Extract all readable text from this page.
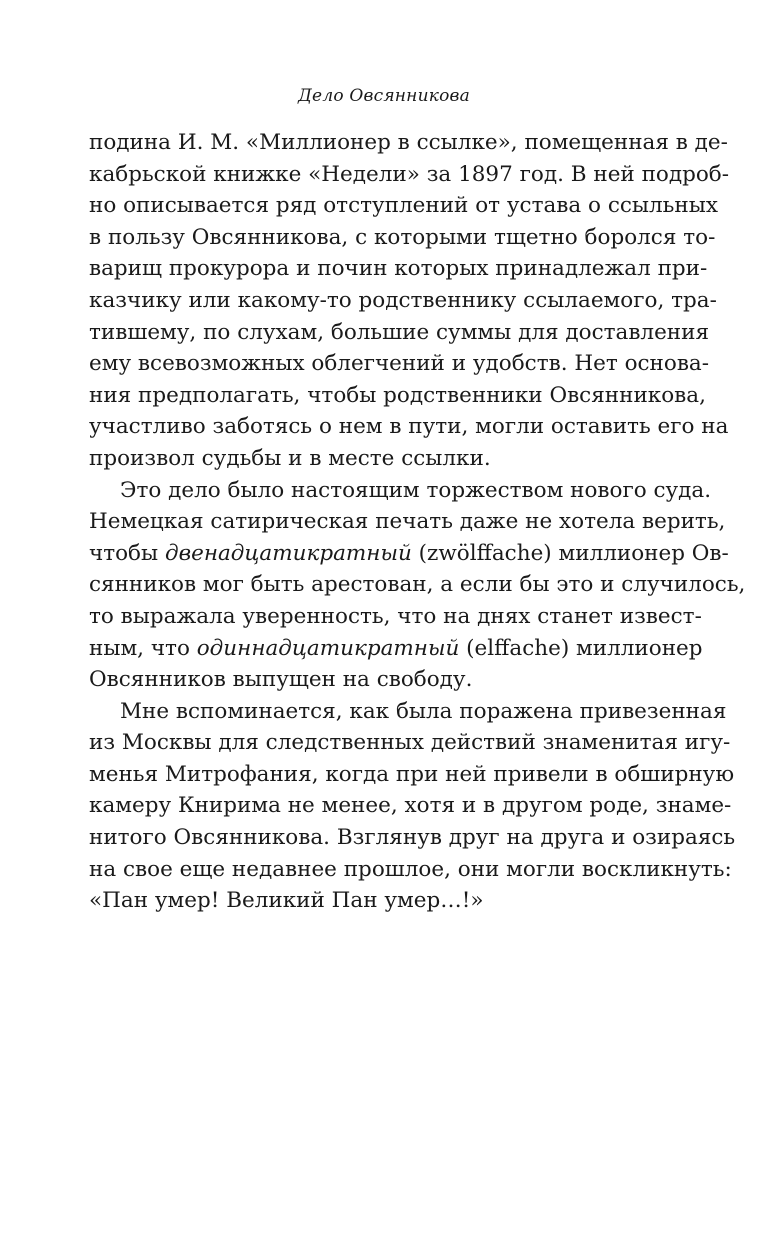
Дело Овсянникова
подина И. М. «Миллионер в ссылке», помещенная в де-
кабрьской книжке «Недели» за 1897 год. В ней подроб-
но описывается ряд отступлений от устава о ссыльных
в пользу Овсянникова, с которыми тщетно боролся то-
варищ прокурора и почин которых принадлежал при-
казчику или какому-то родственнику ссылаемого, тра-
тившему, по слухам, большие суммы для доставления
ему всевозможных облегчений и удобств. Нет основа-
ния предполагать, чтобы родственники Овсянникова,
участливо заботясь о нем в пути, могли оставить его на
произвол судьбы и в месте ссылки.
Это дело было настоящим торжеством нового суда.
Немецкая сатирическая печать даже не хотела верить,
чтобы двенадцатикратный (zwölffache) миллионер Ов-
сянников мог быть арестован, а если бы это и случилось,
то выражала уверенность, что на днях станет извест-
ным, что одиннадцатикратный (elffache) миллионер
Овсянников выпущен на свободу.
Мне вспоминается, как была поражена привезенная
из Москвы для следственных действий знаменитая игу-
менья Митрофания, когда при ней привели в обширную
камеру Книрима не менее, хотя и в другом роде, знаме-
нитого Овсянникова. Взглянув друг на друга и озираясь
на свое еще недавнее прошлое, они могли воскликнуть:
«Пан умер! Великий Пан умер…!»
